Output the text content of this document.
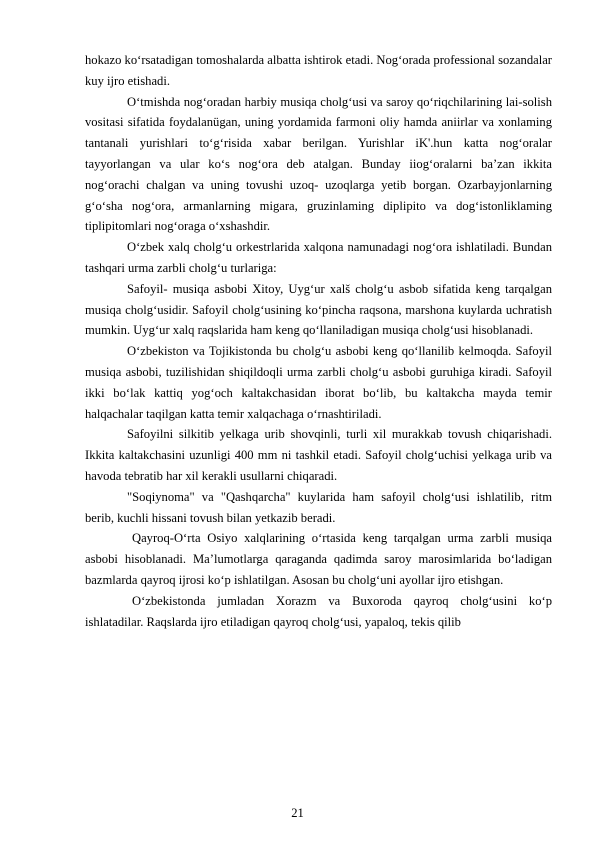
hokazo ko‘rsatadigan tomoshalarda albatta ishtirok etadi. Nog‘orada professional sozandalar kuy ijro etishadi.

O‘tmishda nog‘oradan harbiy musiqa cholg‘usi va saroy qo‘riqchilarining lai-solish vositasi sifatida foydalanügan, uning yordamida farmoni oliy hamda aniirlar va xonlaming tantanali yurishlari to‘g‘risida xabar berilgan. Yurishlar iK'.hun katta nog‘oralar tayyorlangan va ular ko‘s nog‘ora deb atalgan. Bunday iiog‘oralarni ba’zan ikkita nog‘orachi chalgan va uning tovushi uzoq- uzoqlarga yetib borgan. Ozarbayjonlarning g‘o‘sha nog‘ora, armanlarning migara, gruzinlaming diplipito va dog‘istonliklaming tiplipitomlari nog‘oraga o‘xshashdir.

O‘zbek xalq cholg‘u orkestrlarida xalqona namunadagi nog‘ora ishlatiladi. Bundan tashqari urma zarbli cholg‘u turlariga:

Safoyil- musiqa asbobi Xitoy, Uyg‘ur xalš cholg‘u asbob sifatida keng tarqalgan musiqa cholg‘usidir. Safoyil cholg‘usining ko‘pincha raqsona, marshona kuylarda uchratish mumkin. Uyg‘ur xalq raqslarida ham keng qo‘llaniladigan musiqa cholg‘usi hisoblanadi.

O‘zbekiston va Tojikistonda bu cholg‘u asbobi keng qo‘llanilib kelmoqda. Safoyil musiqa asbobi, tuzilishidan shiqildoqli urma zarbli cholg‘u asbobi guruhiga kiradi. Safoyil ikki bo‘lak kattiq yog‘och kaltakchasidan iborat bo‘lib, bu kaltakcha mayda temir halqachalar taqilgan katta temir xalqachaga o‘rnashtiriladi.

Safoyilni silkitib yelkaga urib shovqinli, turli xil murakkab tovush chiqarishadi. Ikkita kaltakchasini uzunligi 400 mm ni tashkil etadi. Safoyil cholg‘uchisi yelkaga urib va havoda tebratib har xil kerakli usullarni chiqaradi.

"Soqiynoma" va "Qashqarcha" kuylarida ham safoyil cholg‘usi ishlatilib, ritm berib, kuchli hissani tovush bilan yetkazib beradi.

Qayroq-O‘rta Osiyo xalqlarining o‘rtasida keng tarqalgan urma zarbli musiqa asbobi hisoblanadi. Ma’lumotlarga qaraganda qadimda saroy marosimlarida bo‘ladigan bazmlarda qayroq ijrosi ko‘p ishlatilgan. Asosan bu cholg‘uni ayollar ijro etishgan.

O‘zbekistonda jumladan Xorazm va Buxoroda qayroq cholg‘usini ko‘p ishlatadilar. Raqslarda ijro etiladigan qayroq cholg‘usi, yapaloq, tekis qilib

21
